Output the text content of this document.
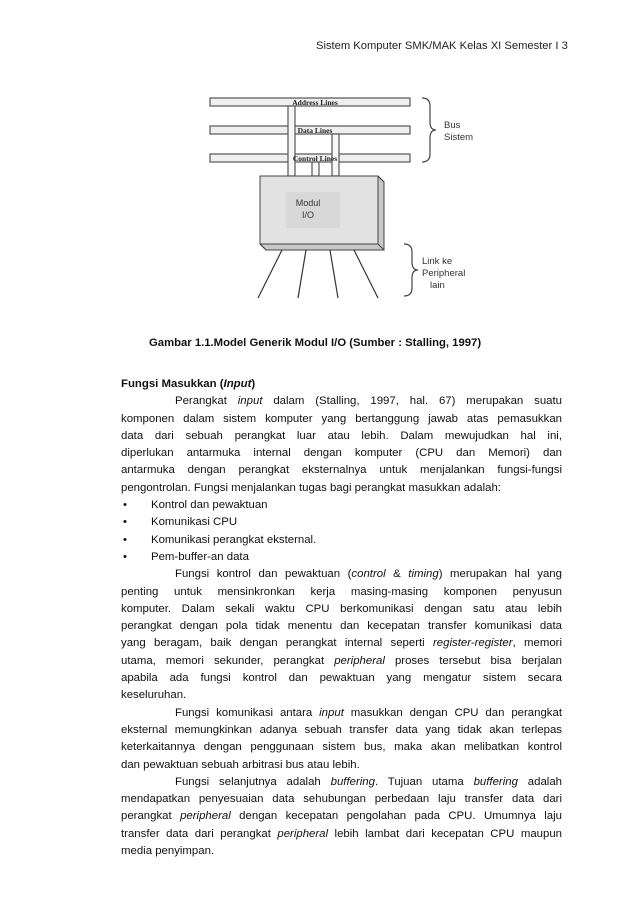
Sistem Komputer SMK/MAK Kelas XI Semester I 3
Address Lines
Data Lines
Control Lines
Modul
I/O
Bus
Sistem
Link ke
Peripheral
lain
Gambar 1.1.Model Generik Modul I/O (Sumber : Stalling, 1997)
Fungsi Masukkan (Input)
Perangkat input dalam (Stalling, 1997, hal. 67) merupakan suatu
komponen dalam sistem komputer yang bertanggung jawab atas pemasukkan
data dari sebuah perangkat luar atau lebih. Dalam mewujudkan hal ini,
diperlukan antarmuka internal dengan komputer (CPU dan Memori) dan
antarmuka dengan perangkat eksternalnya untuk menjalankan fungsi-fungsi
pengontrolan. Fungsi menjalankan tugas bagi perangkat masukkan adalah:
•	Kontrol dan pewaktuan
•	Komunikasi CPU
•	Komunikasi perangkat eksternal.
•	Pem-buffer-an data
Fungsi kontrol dan pewaktuan (control & timing) merupakan hal yang
penting untuk mensinkronkan kerja masing-masing komponen penyusun
komputer. Dalam sekali waktu CPU berkomunikasi dengan satu atau lebih
perangkat dengan pola tidak menentu dan kecepatan transfer komunikasi data
yang beragam, baik dengan perangkat internal seperti register-register, memori
utama, memori sekunder, perangkat peripheral proses tersebut bisa berjalan
apabila ada fungsi kontrol dan pewaktuan yang mengatur sistem secara
keseluruhan.
Fungsi komunikasi antara input masukkan dengan CPU dan perangkat
eksternal memungkinkan adanya sebuah transfer data yang tidak akan terlepas
keterkaitannya dengan penggunaan sistem bus, maka akan melibatkan kontrol
dan pewaktuan sebuah arbitrasi bus atau lebih.
Fungsi selanjutnya adalah buffering. Tujuan utama buffering adalah
mendapatkan penyesuaian data sehubungan perbedaan laju transfer data dari
perangkat peripheral dengan kecepatan pengolahan pada CPU. Umumnya laju
transfer data dari perangkat peripheral lebih lambat dari kecepatan CPU maupun
media penyimpan.
